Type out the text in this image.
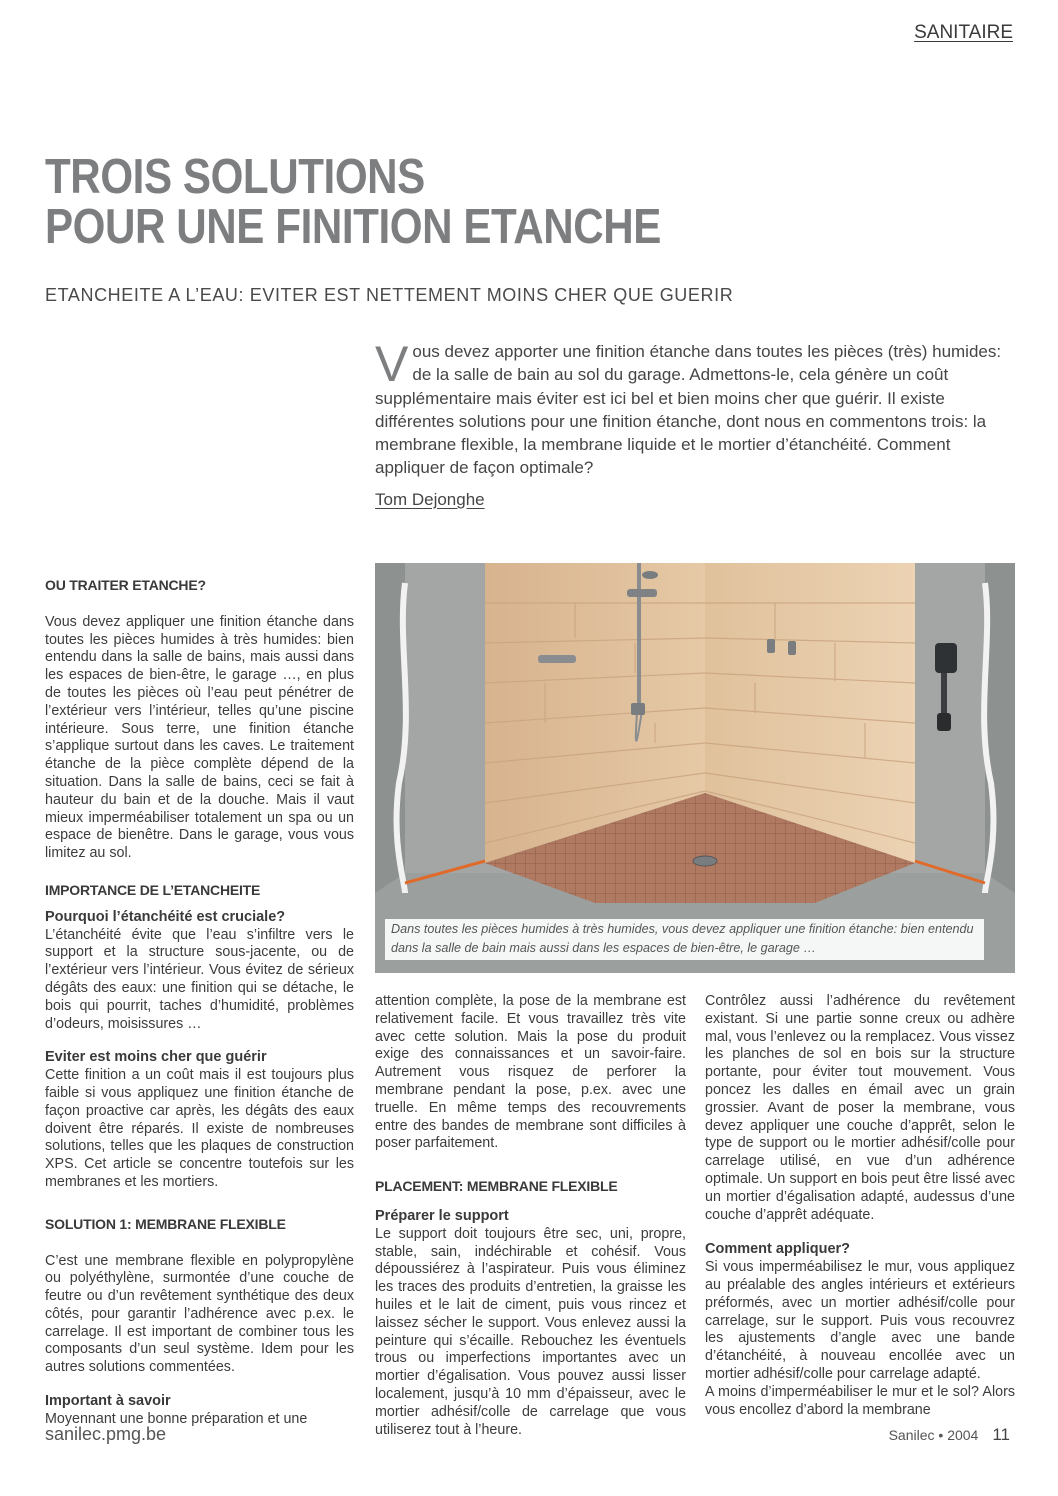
SANITAIRE
TROIS SOLUTIONS
POUR UNE FINITION ETANCHE
ETANCHEITE A L’EAU: EVITER EST NETTEMENT MOINS CHER QUE GUERIR
Vous devez apporter une finition étanche dans toutes les pièces (très) humides: de la salle de bain au sol du garage. Admettons-le, cela génère un coût supplémentaire mais éviter est ici bel et bien moins cher que guérir. Il existe différentes solutions pour une finition étanche, dont nous en commentons trois: la membrane flexible, la membrane liquide et le mortier d’étanchéité. Comment appliquer de façon optimale?
Tom Dejonghe
Dans toutes les pièces humides à très humides, vous devez appliquer une finition étanche: bien entendu dans la salle de bain mais aussi dans les espaces de bien-être, le garage …
OU TRAITER ETANCHE?

Vous devez appliquer une finition étanche dans toutes les pièces humides à très humides: bien entendu dans la salle de bains, mais aussi dans les espaces de bien-être, le garage …, en plus de toutes les pièces où l’eau peut pénétrer de l’extérieur vers l’intérieur, telles qu’une piscine intérieure. Sous terre, une finition étanche s’applique surtout dans les caves. Le traitement étanche de la pièce complète dépend de la situation. Dans la salle de bains, ceci se fait à hauteur du bain et de la douche. Mais il vaut mieux imperméabiliser totalement un spa ou un espace de bienêtre. Dans le garage, vous vous limitez au sol.

IMPORTANCE DE L’ETANCHEITE
Pourquoi l’étanchéité est cruciale?

L’étanchéité évite que l’eau s’infiltre vers le support et la structure sous-jacente, ou de l’extérieur vers l’intérieur. Vous évitez de sérieux dégâts des eaux: une finition qui se détache, le bois qui pourrit, taches d’humidité, problèmes d’odeurs, moisissures …

Eviter est moins cher que guérir

Cette finition a un coût mais il est toujours plus faible si vous appliquez une finition étanche de façon proactive car après, les dégâts des eaux doivent être réparés. Il existe de nombreuses solutions, telles que les plaques de construction XPS. Cet article se concentre toutefois sur les membranes et les mortiers.

SOLUTION 1: MEMBRANE FLEXIBLE

C’est une membrane flexible en polypropylène ou polyéthylène, surmontée d’une couche de feutre ou d’un revêtement synthétique des deux côtés, pour garantir l’adhérence avec p.ex. le carrelage. Il est important de combiner tous les composants d’un seul système. Idem pour les autres solutions commentées.

Important à savoir

Moyennant une bonne préparation et une

attention complète, la pose de la membrane est relativement facile. Et vous travaillez très vite avec cette solution. Mais la pose du produit exige des connaissances et un savoir-faire. Autrement vous risquez de perforer la membrane pendant la pose, p.ex. avec une truelle. En même temps des recouvrements entre des bandes de membrane sont difficiles à poser parfaitement.

PLACEMENT: MEMBRANE FLEXIBLE
Préparer le support

Le support doit toujours être sec, uni, propre, stable, sain, indéchirable et cohésif. Vous dépoussiérez à l’aspirateur. Puis vous éliminez les traces des produits d’entretien, la graisse les huiles et le lait de ciment, puis vous rincez et laissez sécher le support. Vous enlevez aussi la peinture qui s’écaille. Rebouchez les éventuels trous ou imperfections importantes avec un mortier d’égalisation. Vous pouvez aussi lisser localement, jusqu’à 10 mm d’épaisseur, avec le mortier adhésif/colle de carrelage que vous utiliserez tout à l’heure.

Contrôlez aussi l’adhérence du revêtement existant. Si une partie sonne creux ou adhère mal, vous l’enlevez ou la remplacez. Vous vissez les planches de sol en bois sur la structure portante, pour éviter tout mouvement. Vous poncez les dalles en émail avec un grain grossier. Avant de poser la membrane, vous devez appliquer une couche d’apprêt, selon le type de support ou le mortier adhésif/colle pour carrelage utilisé, en vue d’un adhérence optimale. Un support en bois peut être lissé avec un mortier d’égalisation adapté, audessus d’une couche d’apprêt adéquate.

Comment appliquer?

Si vous imperméabilisez le mur, vous appliquez au préalable des angles intérieurs et extérieurs préformés, avec un mortier adhésif/colle pour carrelage, sur le support. Puis vous recouvrez les ajustements d’angle avec une bande d’étanchéité, à nouveau encollée avec un mortier adhésif/colle pour carrelage adapté.

A moins d’imperméabiliser le mur et le sol? Alors vous encollez d’abord la membrane

sanilec.pmg.be	Sanilec • 2004 11
